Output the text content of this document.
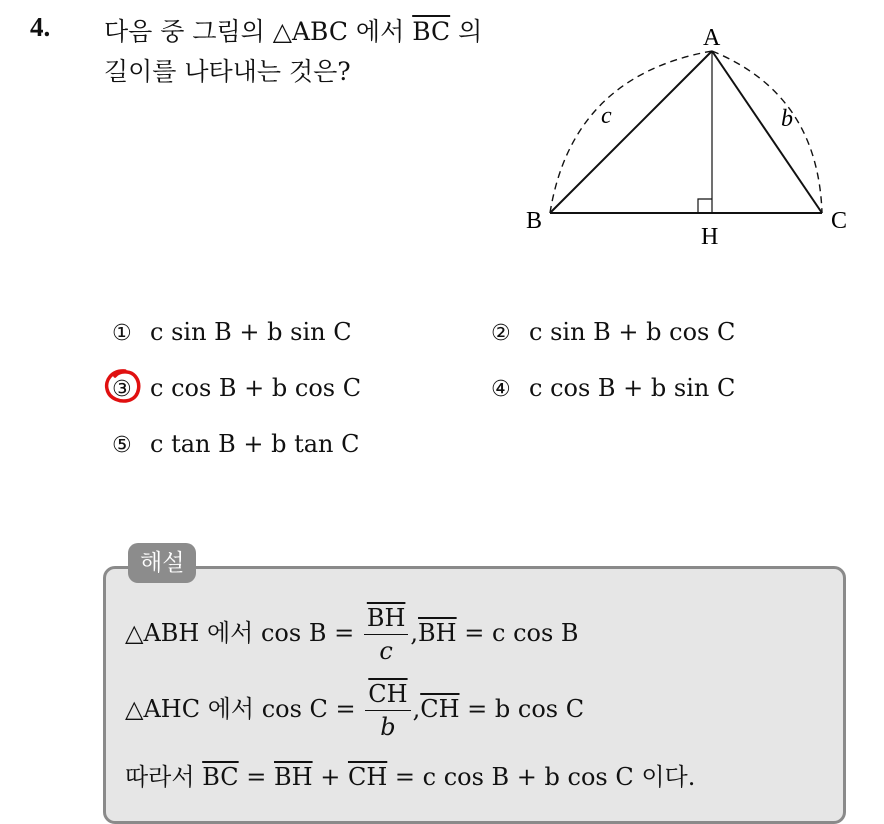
4. 다음 중 그림의 △ABC 에서 $\overline{BC}$ 의
길이를 나타내는 것은?
A
B	C
H
c	b
① c sin B + b sin C	② c sin B + b cos C
③ c cos B + b cos C	④ c cos B + b sin C
⑤ c tan B + b tan C
해설
△ABH 에서 $\cos B = \frac{\overline{BH}}{c} ,\overline{BH} = c$ cos B
△AHC 에서 $\cos C = \frac{\overline{CH}}{b} ,\overline{CH} = b$ cos C
따라서 $\overline{BC} = \overline{BH} + \overline{CH} = c$ cos B + b cos C 이다.
